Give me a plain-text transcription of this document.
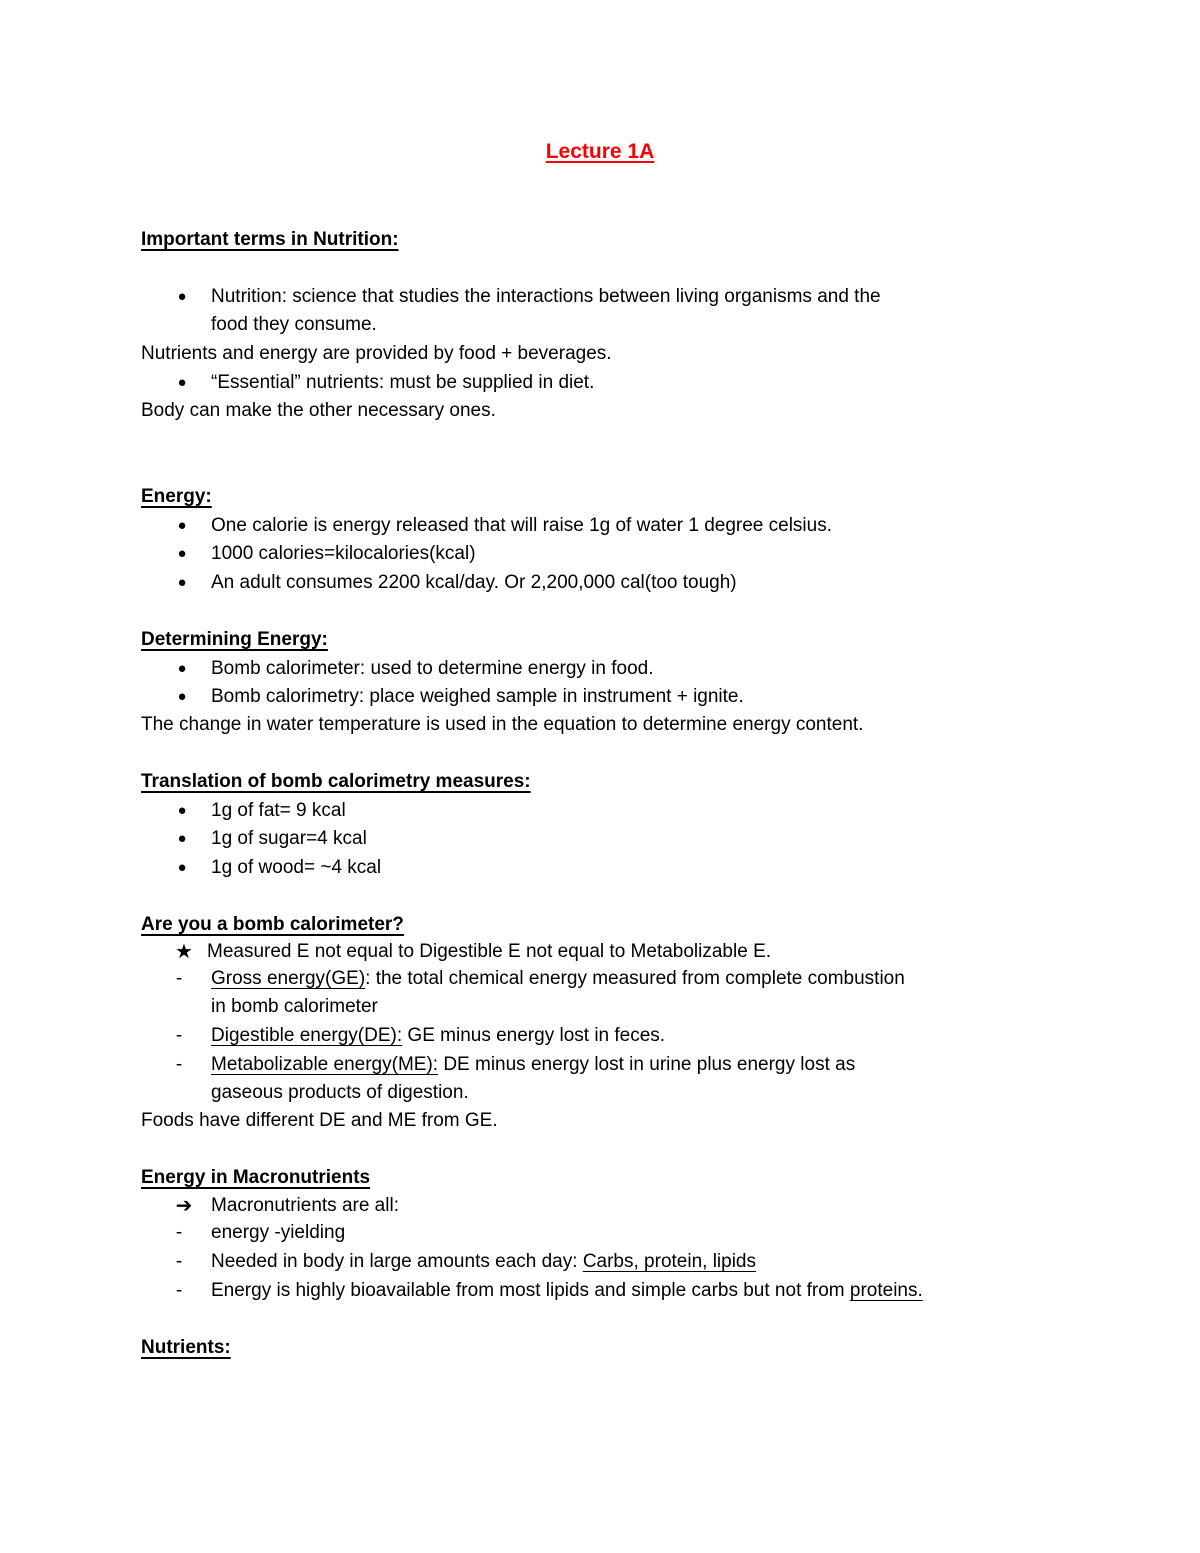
Lecture 1A
Important terms in Nutrition:
● Nutrition: science that studies the interactions between living organisms and the
food they consume.
Nutrients and energy are provided by food + beverages.
● “Essential” nutrients: must be supplied in diet.
Body can make the other necessary ones.
Energy:
● One calorie is energy released that will raise 1g of water 1 degree celsius.
● 1000 calories=kilocalories(kcal)
● An adult consumes 2200 kcal/day. Or 2,200,000 cal(too tough)
Determining Energy:
● Bomb calorimeter: used to determine energy in food.
● Bomb calorimetry: place weighed sample in instrument + ignite.
The change in water temperature is used in the equation to determine energy content.
Translation of bomb calorimetry measures:
● 1g of fat= 9 kcal
● 1g of sugar=4 kcal
● 1g of wood= ~4 kcal
Are you a bomb calorimeter?
★ Measured E not equal to Digestible E not equal to Metabolizable E.
-	Gross energy(GE): the total chemical energy measured from complete combustion
in bomb calorimeter
-	Digestible energy(DE): GE minus energy lost in feces.
-	Metabolizable energy(ME): DE minus energy lost in urine plus energy lost as
gaseous products of digestion.
Foods have different DE and ME from GE.
Energy in Macronutrients
➔ Macronutrients are all:
-	energy -yielding
-	Needed in body in large amounts each day: Carbs, protein, lipids
-	Energy is highly bioavailable from most lipids and simple carbs but not from proteins.
Nutrients:
